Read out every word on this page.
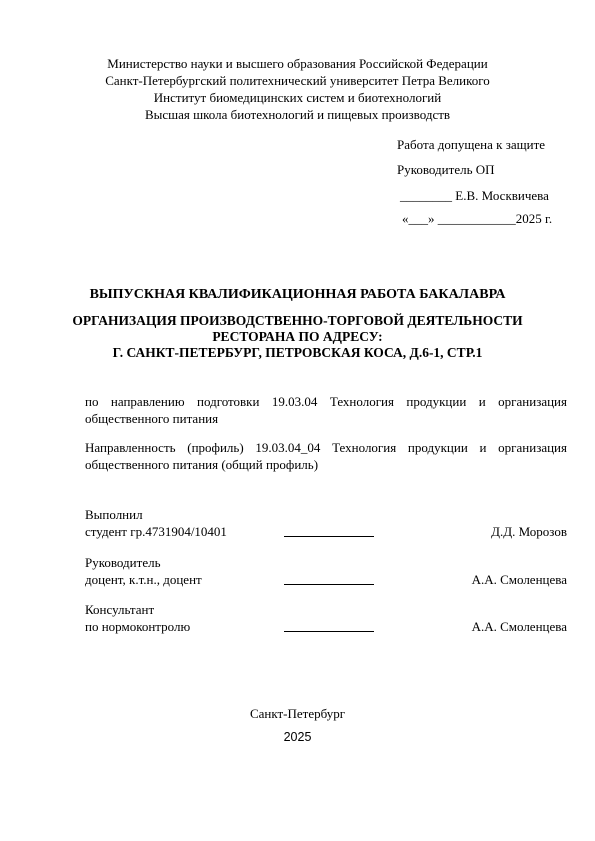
Министерство науки и высшего образования Российской Федерации
Санкт-Петербургский политехнический университет Петра Великого
Институт биомедицинских систем и биотехнологий
Высшая школа биотехнологий и пищевых производств
Работа допущена к защите
Руководитель ОП
________ Е.В. Москвичева
«___» ____________2025 г.
ВЫПУСКНАЯ КВАЛИФИКАЦИОННАЯ РАБОТА БАКАЛАВРА
ОРГАНИЗАЦИЯ ПРОИЗВОДСТВЕННО-ТОРГОВОЙ ДЕЯТЕЛЬНОСТИ
РЕСТОРАНА ПО АДРЕСУ:
Г. САНКТ-ПЕТЕРБУРГ, ПЕТРОВСКАЯ КОСА, Д.6-1, СТР.1
по направлению подготовки 19.03.04 Технология продукции и организация
общественного питания
Направленность (профиль) 19.03.04_04 Технология продукции и организация
общественного питания (общий профиль)
Выполнил
студент гр.4731904/10401	Д.Д. Морозов
Руководитель
доцент, к.т.н., доцент	А.А. Смоленцева
Консультант
по нормоконтролю	А.А. Смоленцева
Санкт-Петербург
2025
